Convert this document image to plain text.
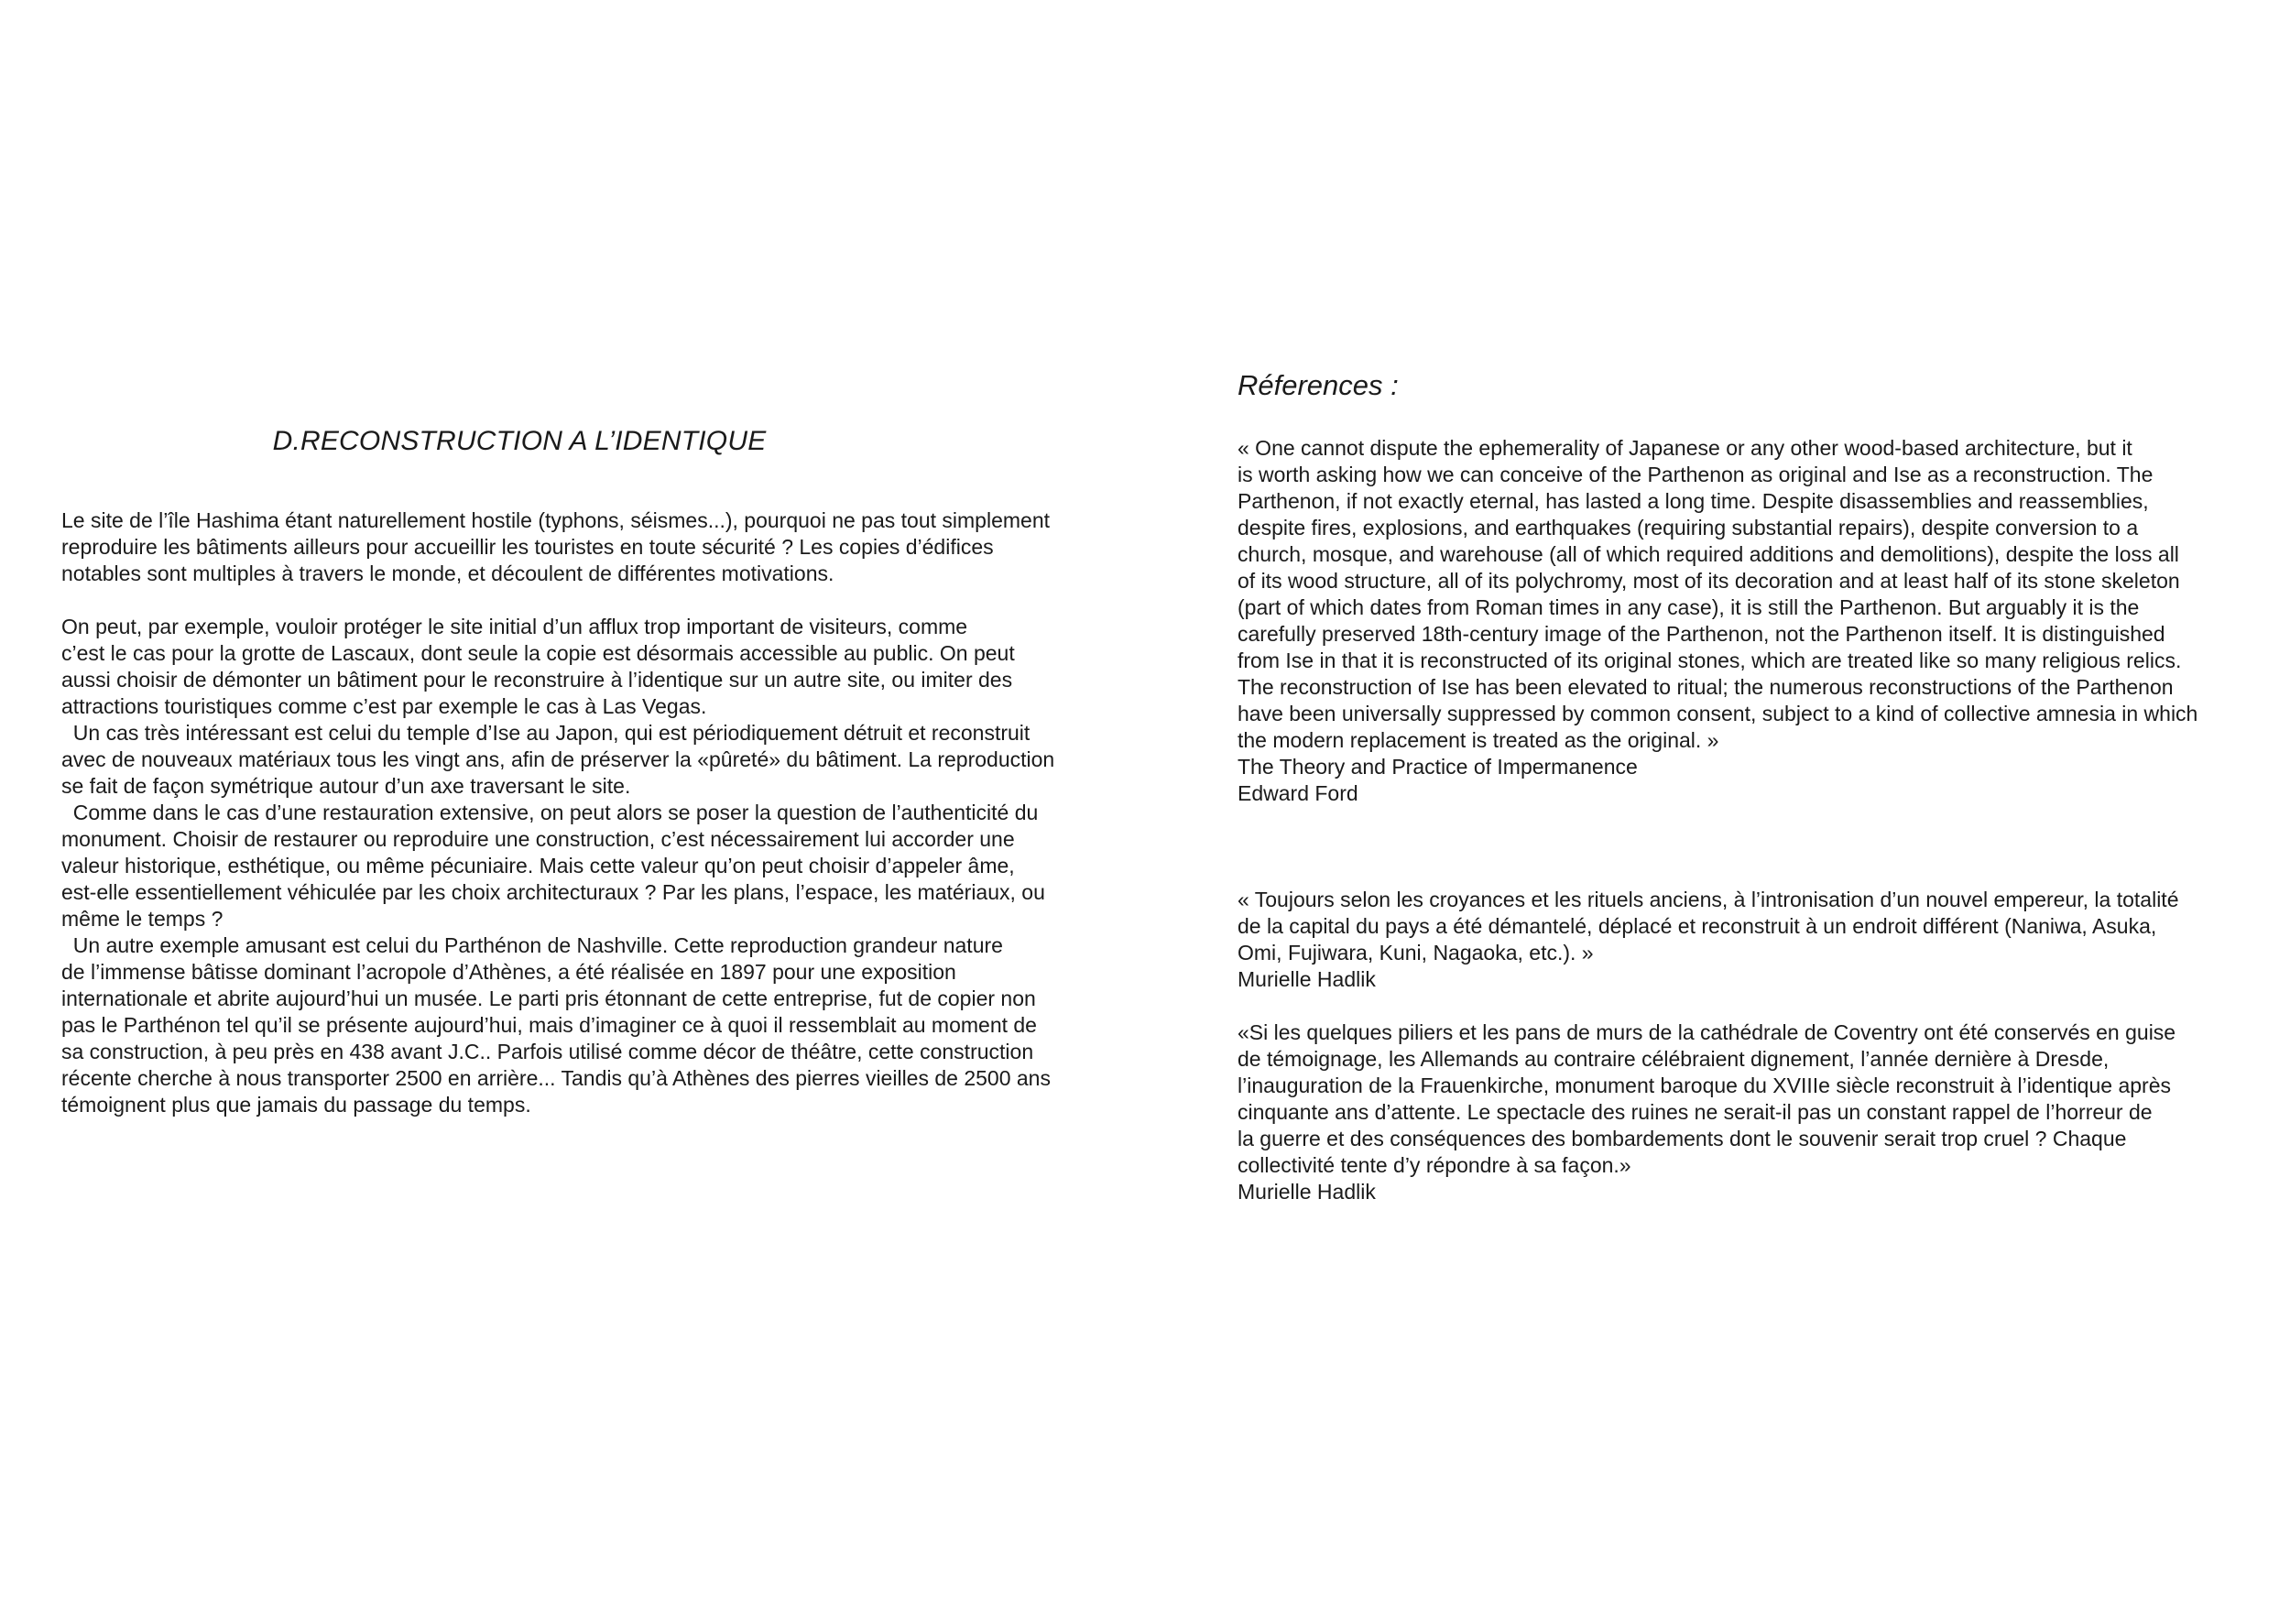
D.RECONSTRUCTION A L’IDENTIQUE
Le site de l’île Hashima étant naturellement hostile (typhons, séismes...), pourquoi ne pas tout simplement
reproduire les bâtiments ailleurs pour accueillir les touristes en toute sécurité ? Les copies d’édifices
notables sont multiples à travers le monde, et découlent de différentes motivations.
On peut, par exemple, vouloir protéger le site initial d’un afflux trop important de visiteurs, comme
c’est le cas pour la grotte de Lascaux, dont seule la copie est désormais accessible au public. On peut
aussi choisir de démonter un bâtiment pour le reconstruire à l’identique sur un autre site, ou imiter des
attractions touristiques comme c’est par exemple le cas à Las Vegas.
Un cas très intéressant est celui du temple d’Ise au Japon, qui est périodiquement détruit et reconstruit
avec de nouveaux matériaux tous les vingt ans, afin de préserver la «pûreté» du bâtiment. La reproduction
se fait de façon symétrique autour d’un axe traversant le site.
Comme dans le cas d’une restauration extensive, on peut alors se poser la question de l’authenticité du
monument. Choisir de restaurer ou reproduire une construction, c’est nécessairement lui accorder une
valeur historique, esthétique, ou même pécuniaire. Mais cette valeur qu’on peut choisir d’appeler âme,
est-elle essentiellement véhiculée par les choix architecturaux ? Par les plans, l’espace, les matériaux, ou
même le temps ?
Un autre exemple amusant est celui du Parthénon de Nashville. Cette reproduction grandeur nature
de l’immense bâtisse dominant l’acropole d’Athènes, a été réalisée en 1897 pour une exposition
internationale et abrite aujourd’hui un musée. Le parti pris étonnant de cette entreprise, fut de copier non
pas le Parthénon tel qu’il se présente aujourd’hui, mais d’imaginer ce à quoi il ressemblait au moment de
sa construction, à peu près en 438 avant J.C.. Parfois utilisé comme décor de théâtre, cette construction
récente cherche à nous transporter 2500 en arrière... Tandis qu’à Athènes des pierres vieilles de 2500 ans
témoignent plus que jamais du passage du temps.
Réferences :
« One cannot dispute the ephemerality of Japanese or any other wood-based architecture, but it
is worth asking how we can conceive of the Parthenon as original and Ise as a reconstruction. The
Parthenon, if not exactly eternal, has lasted a long time. Despite disassemblies and reassemblies,
despite fires, explosions, and earthquakes (requiring substantial repairs), despite conversion to a
church, mosque, and warehouse (all of which required additions and demolitions), despite the loss all
of its wood structure, all of its polychromy, most of its decoration and at least half of its stone skeleton
(part of which dates from Roman times in any case), it is still the Parthenon. But arguably it is the
carefully preserved 18th-century image of the Parthenon, not the Parthenon itself. It is distinguished
from Ise in that it is reconstructed of its original stones, which are treated like so many religious relics.
The reconstruction of Ise has been elevated to ritual; the numerous reconstructions of the Parthenon
have been universally suppressed by common consent, subject to a kind of collective amnesia in which
the modern replacement is treated as the original. »
The Theory and Practice of Impermanence
Edward Ford
« Toujours selon les croyances et les rituels anciens, à l’intronisation d’un nouvel empereur, la totalité
de la capital du pays a été démantelé, déplacé et reconstruit à un endroit différent (Naniwa, Asuka,
Omi, Fujiwara, Kuni, Nagaoka, etc.). »
Murielle Hadlik
«Si les quelques piliers et les pans de murs de la cathédrale de Coventry ont été conservés en guise
de témoignage, les Allemands au contraire célébraient dignement, l’année dernière à Dresde,
l’inauguration de la Frauenkirche, monument baroque du XVIIIe siècle reconstruit à l’identique après
cinquante ans d’attente. Le spectacle des ruines ne serait-il pas un constant rappel de l’horreur de
la guerre et des conséquences des bombardements dont le souvenir serait trop cruel ? Chaque
collectivité tente d’y répondre à sa façon.»
Murielle Hadlik
